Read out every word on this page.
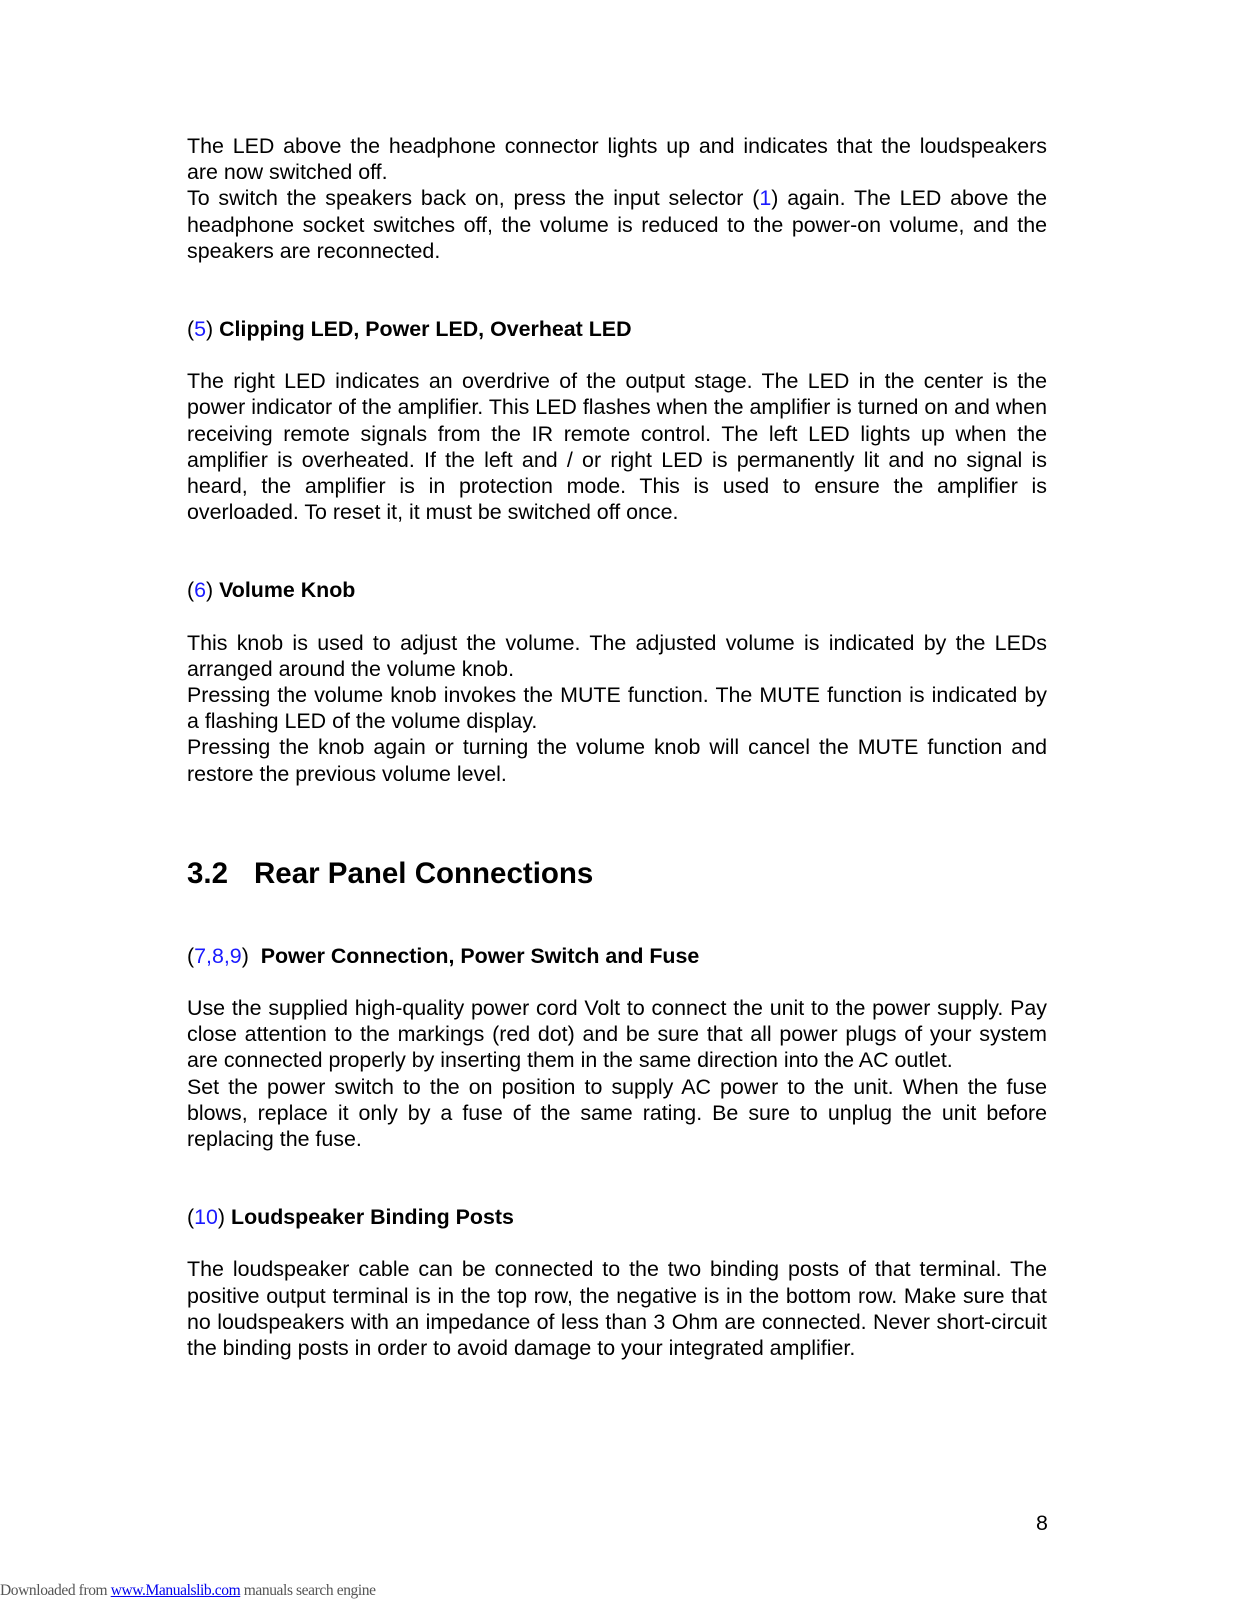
The LED above the headphone connector lights up and indicates that the loudspeakers are now switched off.

To switch the speakers back on, press the input selector (1) again. The LED above the headphone socket switches off, the volume is reduced to the power-on volume, and the speakers are reconnected.

(5) Clipping LED, Power LED, Overheat LED

The right LED indicates an overdrive of the output stage. The LED in the center is the power indicator of the amplifier. This LED flashes when the amplifier is turned on and when receiving remote signals from the IR remote control. The left LED lights up when the amplifier is overheated. If the left and / or right LED is permanently lit and no signal is heard, the amplifier is in protection mode. This is used to ensure the amplifier is overloaded. To reset it, it must be switched off once.

(6) Volume Knob

This knob is used to adjust the volume. The adjusted volume is indicated by the LEDs arranged around the volume knob.

Pressing the volume knob invokes the MUTE function. The MUTE function is indicated by a flashing LED of the volume display.

Pressing the knob again or turning the volume knob will cancel the MUTE function and restore the previous volume level.

3.2 Rear Panel Connections
(7,8,9)  Power Connection, Power Switch and Fuse

Use the supplied high-quality power cord Volt to connect the unit to the power supply. Pay close attention to the markings (red dot) and be sure that all power plugs of your system are connected properly by inserting them in the same direction into the AC outlet.

Set the power switch to the on position to supply AC power to the unit. When the fuse blows, replace it only by a fuse of the same rating. Be sure to unplug the unit before replacing the fuse.

(10) Loudspeaker Binding Posts

The loudspeaker cable can be connected to the two binding posts of that terminal. The positive output terminal is in the top row, the negative is in the bottom row. Make sure that no loudspeakers with an impedance of less than 3 Ohm are connected. Never short-circuit the binding posts in order to avoid damage to your integrated amplifier.

8
Downloaded from www.Manualslib.com manuals search engine
